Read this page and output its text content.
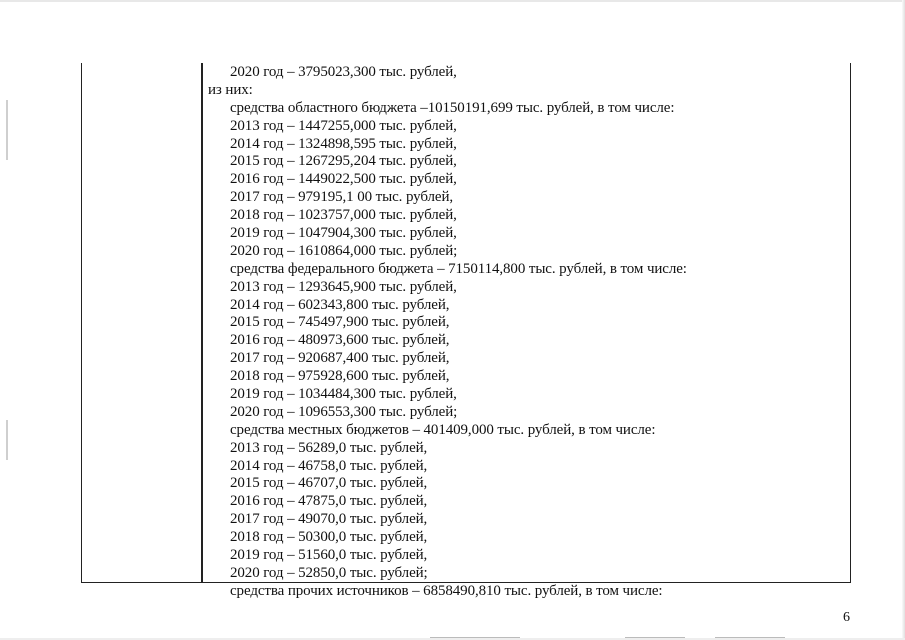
2020 год – 3795023,300 тыс. рублей,
из них:
средства областного бюджета –10150191,699 тыс. рублей, в том числе:
2013 год – 1447255,000 тыс. рублей,
2014 год – 1324898,595 тыс. рублей,
2015 год – 1267295,204 тыс. рублей,
2016 год – 1449022,500 тыс. рублей,
2017 год – 979195,1 00 тыс. рублей,
2018 год – 1023757,000 тыс. рублей,
2019 год – 1047904,300 тыс. рублей,
2020 год – 1610864,000 тыс. рублей;
средства федерального бюджета – 7150114,800 тыс. рублей, в том числе:
2013 год – 1293645,900 тыс. рублей,
2014 год – 602343,800 тыс. рублей,
2015 год – 745497,900 тыс. рублей,
2016 год – 480973,600 тыс. рублей,
2017 год – 920687,400 тыс. рублей,
2018 год – 975928,600 тыс. рублей,
2019 год – 1034484,300 тыс. рублей,
2020 год – 1096553,300 тыс. рублей;
средства местных бюджетов – 401409,000 тыс. рублей, в том числе:
2013 год – 56289,0 тыс. рублей,
2014 год – 46758,0 тыс. рублей,
2015 год – 46707,0 тыс. рублей,
2016 год – 47875,0 тыс. рублей,
2017 год – 49070,0 тыс. рублей,
2018 год – 50300,0 тыс. рублей,
2019 год – 51560,0 тыс. рублей,
2020 год – 52850,0 тыс. рублей;
средства прочих источников – 6858490,810 тыс. рублей, в том числе:
6
